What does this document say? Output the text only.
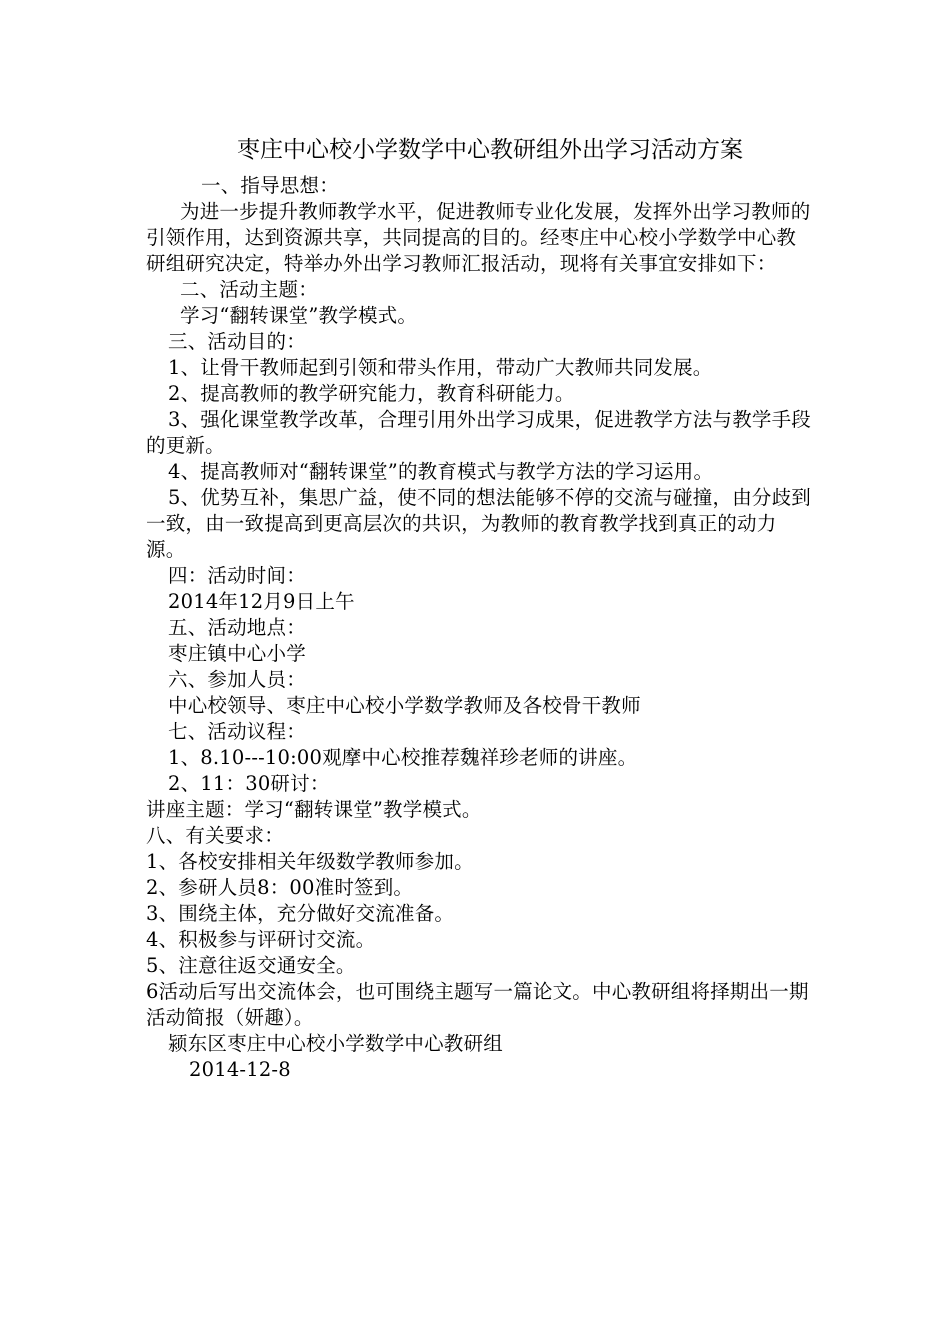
枣庄中心校小学数学中心教研组外出学习活动方案

一、指导思想：

为进一步提升教师教学水平，促进教师专业化发展，发挥外出学习教师的引领作用，达到资源共享，共同提高的目的。经枣庄中心校小学数学中心教研组研究决定，特举办外出学习教师汇报活动，现将有关事宜安排如下：

二、活动主题：

学习“翻转课堂”教学模式。

三、活动目的：

1、让骨干教师起到引领和带头作用，带动广大教师共同发展。

2、提高教师的教学研究能力，教育科研能力。

3、强化课堂教学改革，合理引用外出学习成果，促进教学方法与教学手段的更新。

4、提高教师对“翻转课堂”的教育模式与教学方法的学习运用。

5、优势互补，集思广益，使不同的想法能够不停的交流与碰撞，由分歧到一致，由一致提高到更高层次的共识，为教师的教育教学找到真正的动力源。

四：活动时间：

2014年12月9日上午

五、活动地点：

枣庄镇中心小学

六、参加人员：

中心校领导、枣庄中心校小学数学教师及各校骨干教师

七、活动议程：

1、8.10---10:00观摩中心校推荐魏祥珍老师的讲座。

2、11：30研讨：

讲座主题：学习“翻转课堂”教学模式。

八、有关要求：

1、各校安排相关年级数学教师参加。

2、参研人员8：00准时签到。

3、围绕主体，充分做好交流准备。

4、积极参与评研讨交流。

5、注意往返交通安全。

6活动后写出交流体会，也可围绕主题写一篇论文。中心教研组将择期出一期活动简报（妍趣）。

颍东区枣庄中心校小学数学中心教研组

2014-12-8
